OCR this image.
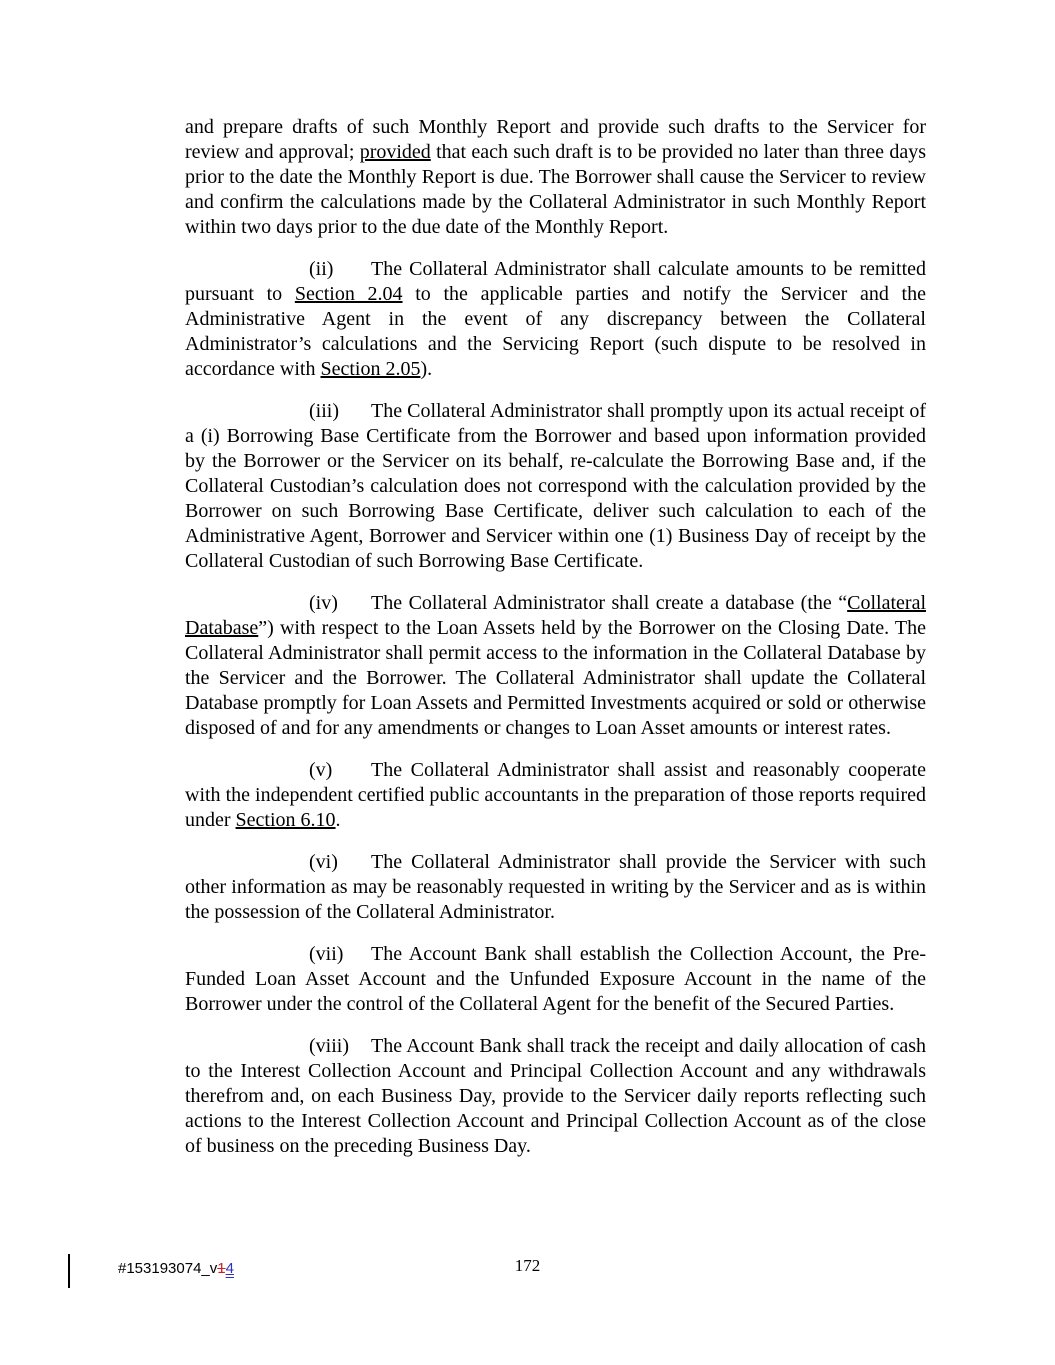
and prepare drafts of such Monthly Report and provide such drafts to the Servicer for review and approval; provided that each such draft is to be provided no later than three days prior to the date the Monthly Report is due. The Borrower shall cause the Servicer to review and confirm the calculations made by the Collateral Administrator in such Monthly Report within two days prior to the due date of the Monthly Report.

(ii) The Collateral Administrator shall calculate amounts to be remitted pursuant to Section 2.04 to the applicable parties and notify the Servicer and the Administrative Agent in the event of any discrepancy between the Collateral Administrator’s calculations and the Servicing Report (such dispute to be resolved in accordance with Section 2.05).

(iii) The Collateral Administrator shall promptly upon its actual receipt of a (i) Borrowing Base Certificate from the Borrower and based upon information provided by the Borrower or the Servicer on its behalf, re-calculate the Borrowing Base and, if the Collateral Custodian’s calculation does not correspond with the calculation provided by the Borrower on such Borrowing Base Certificate, deliver such calculation to each of the Administrative Agent, Borrower and Servicer within one (1) Business Day of receipt by the Collateral Custodian of such Borrowing Base Certificate.

(iv) The Collateral Administrator shall create a database (the “Collateral Database”) with respect to the Loan Assets held by the Borrower on the Closing Date. The Collateral Administrator shall permit access to the information in the Collateral Database by the Servicer and the Borrower. The Collateral Administrator shall update the Collateral Database promptly for Loan Assets and Permitted Investments acquired or sold or otherwise disposed of and for any amendments or changes to Loan Asset amounts or interest rates.

(v) The Collateral Administrator shall assist and reasonably cooperate with the independent certified public accountants in the preparation of those reports required under Section 6.10.

(vi) The Collateral Administrator shall provide the Servicer with such other information as may be reasonably requested in writing by the Servicer and as is within the possession of the Collateral Administrator.

(vii) The Account Bank shall establish the Collection Account, the Pre-Funded Loan Asset Account and the Unfunded Exposure Account in the name of the Borrower under the control of the Collateral Agent for the benefit of the Secured Parties.

(viii) The Account Bank shall track the receipt and daily allocation of cash to the Interest Collection Account and Principal Collection Account and any withdrawals therefrom and, on each Business Day, provide to the Servicer daily reports reflecting such actions to the Interest Collection Account and Principal Collection Account as of the close of business on the preceding Business Day.

#153193074_v14	172
